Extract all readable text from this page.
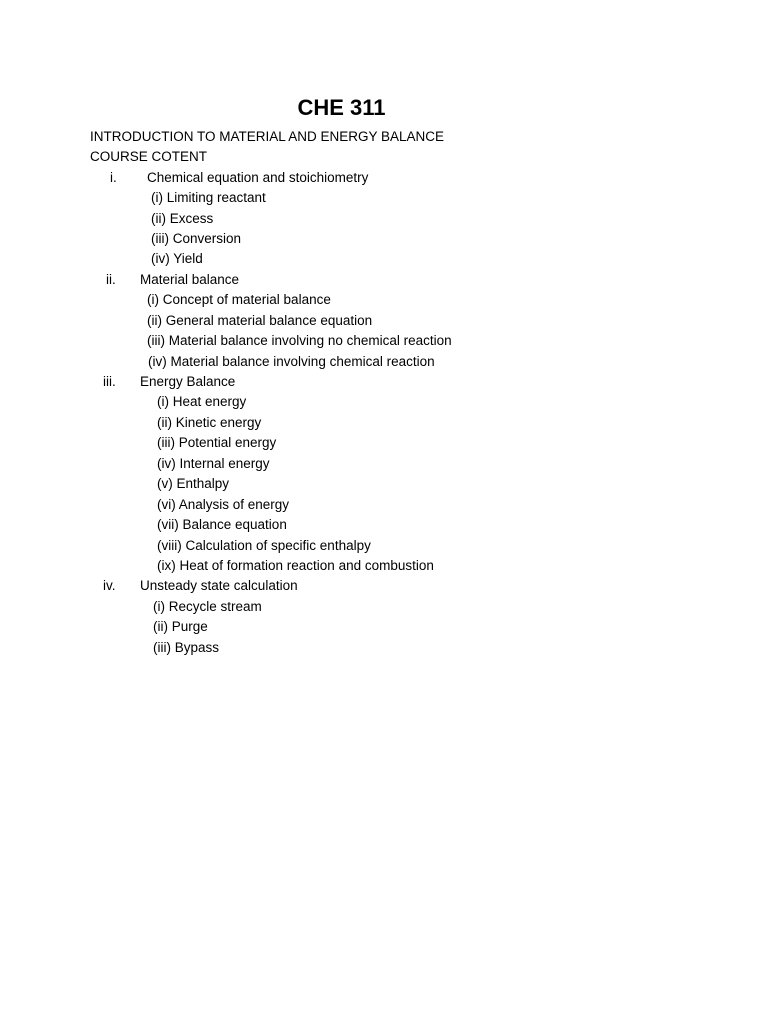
CHE 311
INTRODUCTION TO MATERIAL AND ENERGY BALANCE
COURSE COTENT
i. Chemical equation and stoichiometry
(i) Limiting reactant
(ii) Excess
(iii) Conversion
(iv) Yield
ii. Material balance
(i) Concept of material balance
(ii) General material balance equation
(iii) Material balance involving no chemical reaction
(iv) Material balance involving chemical reaction
iii. Energy Balance
(i) Heat energy
(ii) Kinetic energy
(iii) Potential energy
(iv) Internal energy
(v) Enthalpy
(vi) Analysis of energy
(vii) Balance equation
(viii) Calculation of specific enthalpy
(ix) Heat of formation reaction and combustion
iv. Unsteady state calculation
(i) Recycle stream
(ii) Purge
(iii) Bypass
